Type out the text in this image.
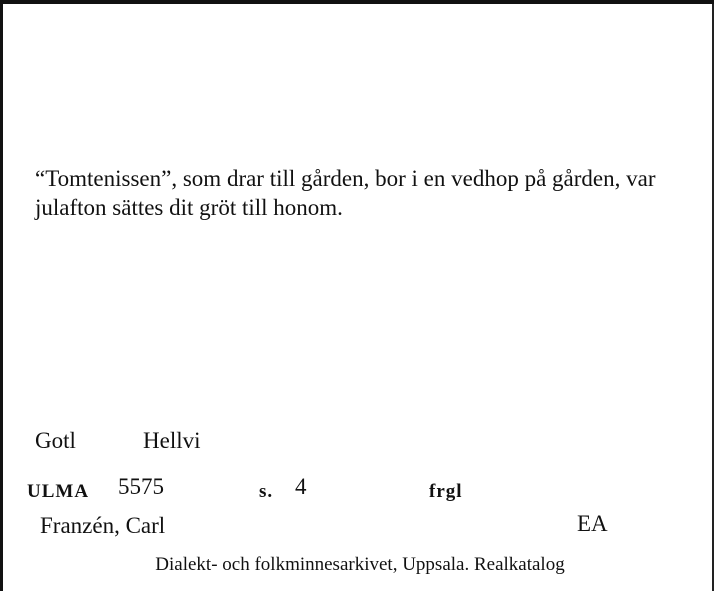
“Tomtenissen”, som drar till gården, bor i en vedhop på gården, var julafton sättes dit gröt till honom.

Gotl	Hellvi
ULMA 5575	s. 4	frgl
Franzén, Carl	EA

Dialekt- och folkminnesarkivet, Uppsala. Realkatalog
